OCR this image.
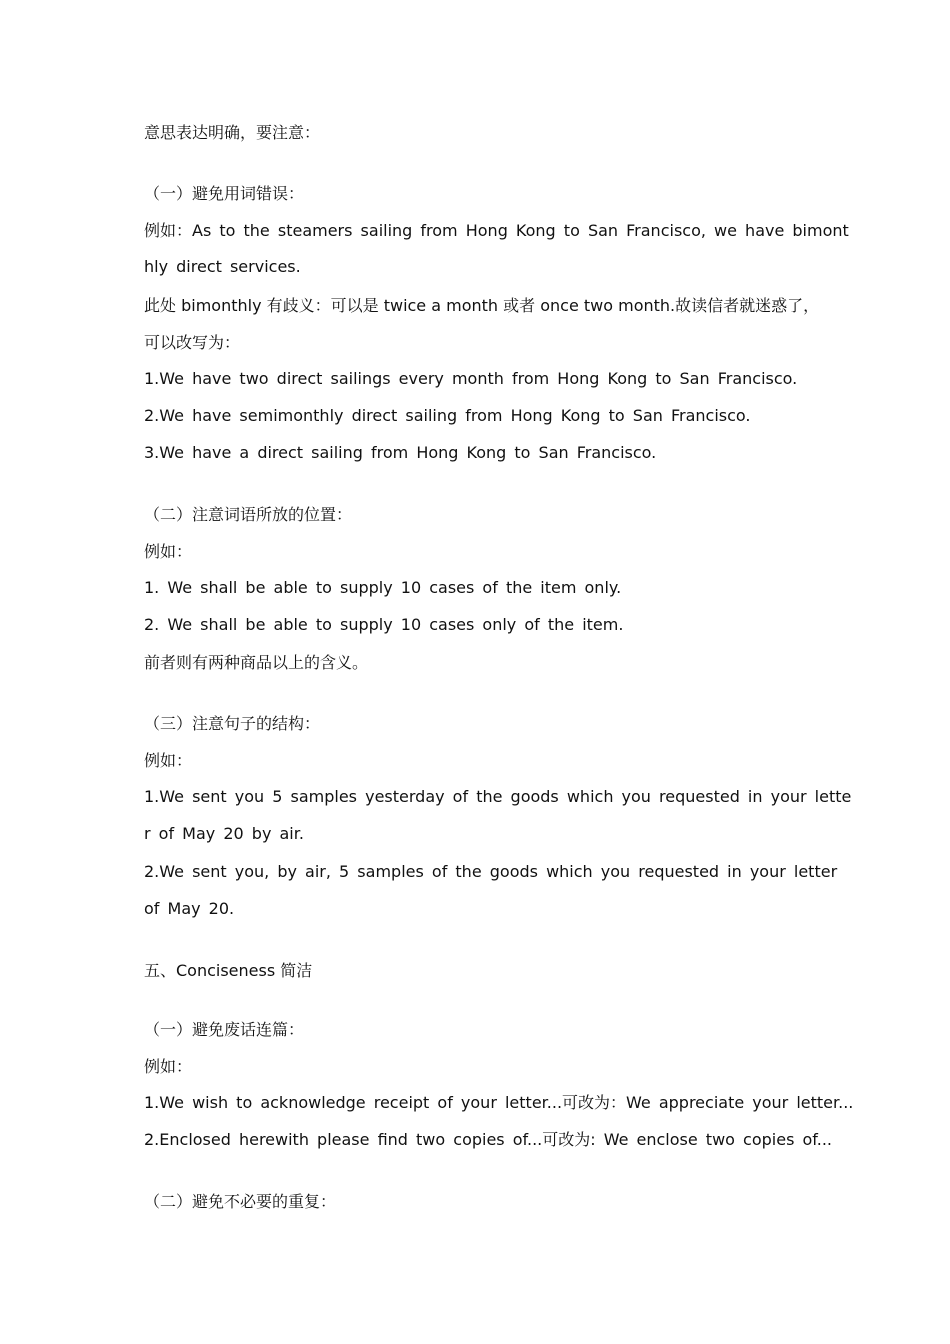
意思表达明确，要注意：
（一）避免用词错误：
例如：As to the steamers sailing from Hong Kong to San Francisco, we have bimont
hly direct services.
此处 bimonthly 有歧义：可以是 twice a month 或者 once two month.故读信者就迷惑了，
可以改写为：
1.We have two direct sailings every month from Hong Kong to San Francisco.
2.We have semimonthly direct sailing from Hong Kong to San Francisco.
3.We have a direct sailing from Hong Kong to San Francisco.
（二）注意词语所放的位置：
例如：
1. We shall be able to supply 10 cases of the item only.
2. We shall be able to supply 10 cases only of the item.
前者则有两种商品以上的含义。
（三）注意句子的结构：
例如：
1.We sent you 5 samples yesterday of the goods which you requested in your lette
r of May 20 by air.
2.We sent you, by air, 5 samples of the goods which you requested in your letter
of May 20.
五、Conciseness 简洁
（一）避免废话连篇：
例如：
1.We wish to acknowledge receipt of your letter...可改为：We appreciate your letter...
2.Enclosed herewith please find two copies of...可改为: We enclose two copies of...
（二）避免不必要的重复：
